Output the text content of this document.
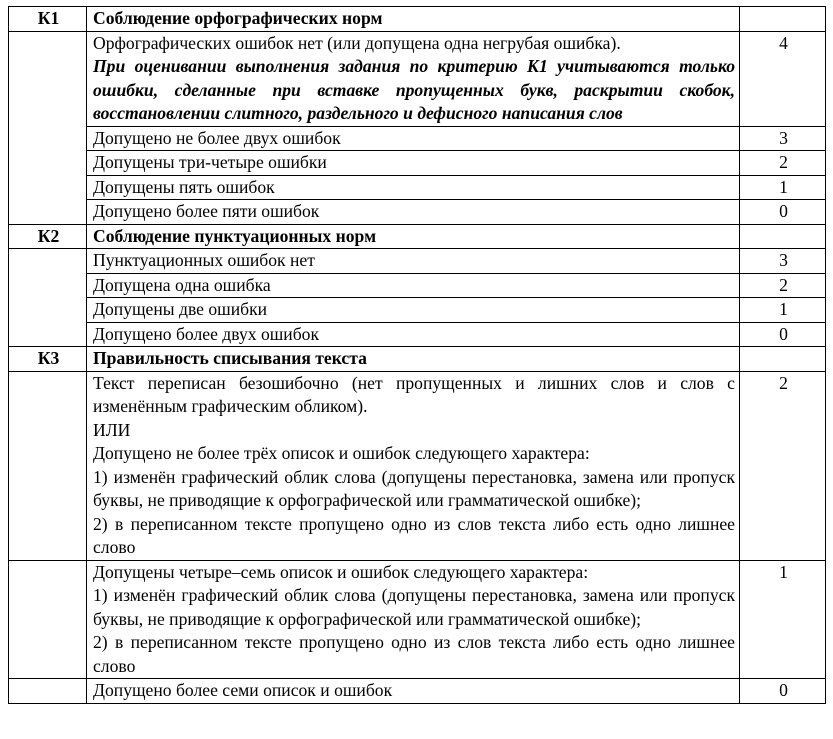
К1	Соблюдение орфографических норм	

	Орфографических ошибок нет (или допущена одна негрубая ошибка).
При оценивании выполнения задания по критерию К1 учитываются только ошибки, сделанные при вставке пропущенных букв, раскрытии скобок, восстановлении слитного, раздельного и дефисного написания слов	4
	Допущено не более двух ошибок	3
	Допущены три-четыре ошибки	2
	Допущены пять ошибок	1
	Допущено более пяти ошибок	0
К2	Соблюдение пунктуационных норм	
	Пунктуационных ошибок нет	3
	Допущена одна ошибка	2
	Допущены две ошибки	1
	Допущено более двух ошибок	0
К3	Правильность списывания текста	

	Текст переписан безошибочно (нет пропущенных и лишних слов и слов с изменённым графическим обликом).
ИЛИ
Допущено не более трёх описок и ошибок следующего характера:
1) изменён графический облик слова (допущены перестановка, замена или пропуск буквы, не приводящие к орфографической или грамматической ошибке);
2) в переписанном тексте пропущено одно из слов текста либо есть одно лишнее слово	2

	Допущены четыре–семь описок и ошибок следующего характера:
1) изменён графический облик слова (допущены перестановка, замена или пропуск буквы, не приводящие к орфографической или грамматической ошибке);
2) в переписанном тексте пропущено одно из слов текста либо есть одно лишнее слово	1
	Допущено более семи описок и ошибок	0
